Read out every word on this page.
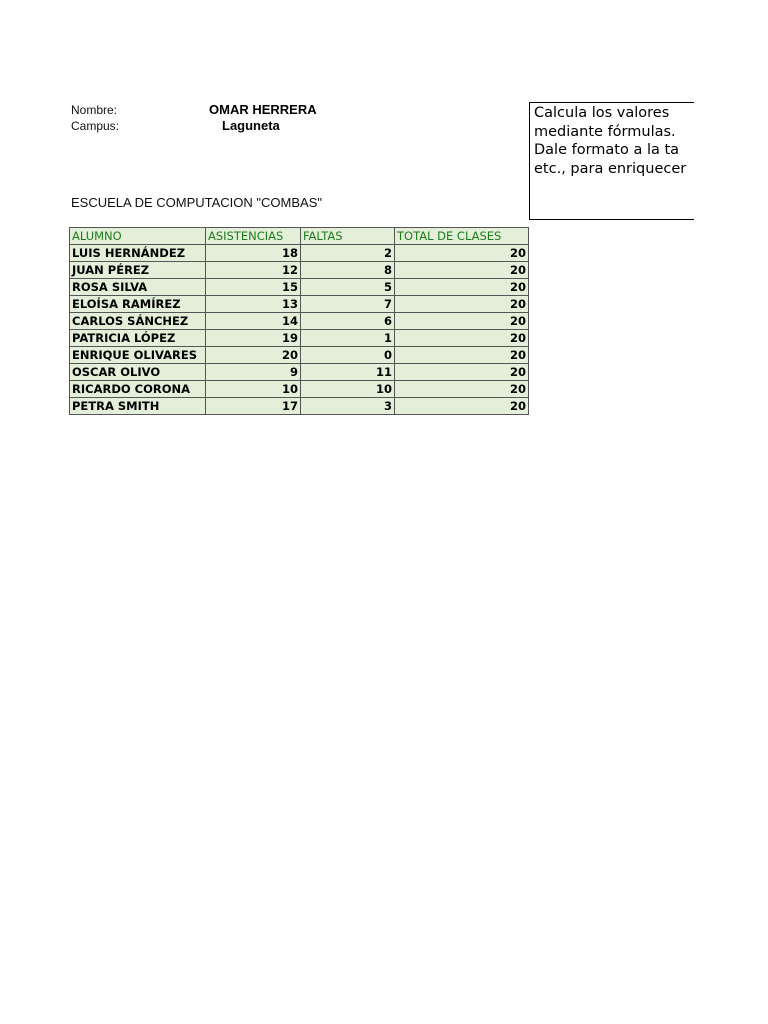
Nombre:	OMAR HERRERA
Campus:	Laguneta
Calcula los valores
mediante fórmulas.
Dale formato a la ta
etc., para enriquecer
ESCUELA DE COMPUTACION "COMBAS"
ALUMNO	ASISTENCIAS	FALTAS	TOTAL DE CLASES
LUIS HERNÁNDEZ	18	2	20
JUAN PÉREZ	12	8	20
ROSA SILVA	15	5	20
ELOÍSA RAMÍREZ	13	7	20
CARLOS SÁNCHEZ	14	6	20
PATRICIA LÓPEZ	19	1	20
ENRIQUE OLIVARES	20	0	20
OSCAR OLIVO	9	11	20
RICARDO CORONA	10	10	20
PETRA SMITH	17	3	20
